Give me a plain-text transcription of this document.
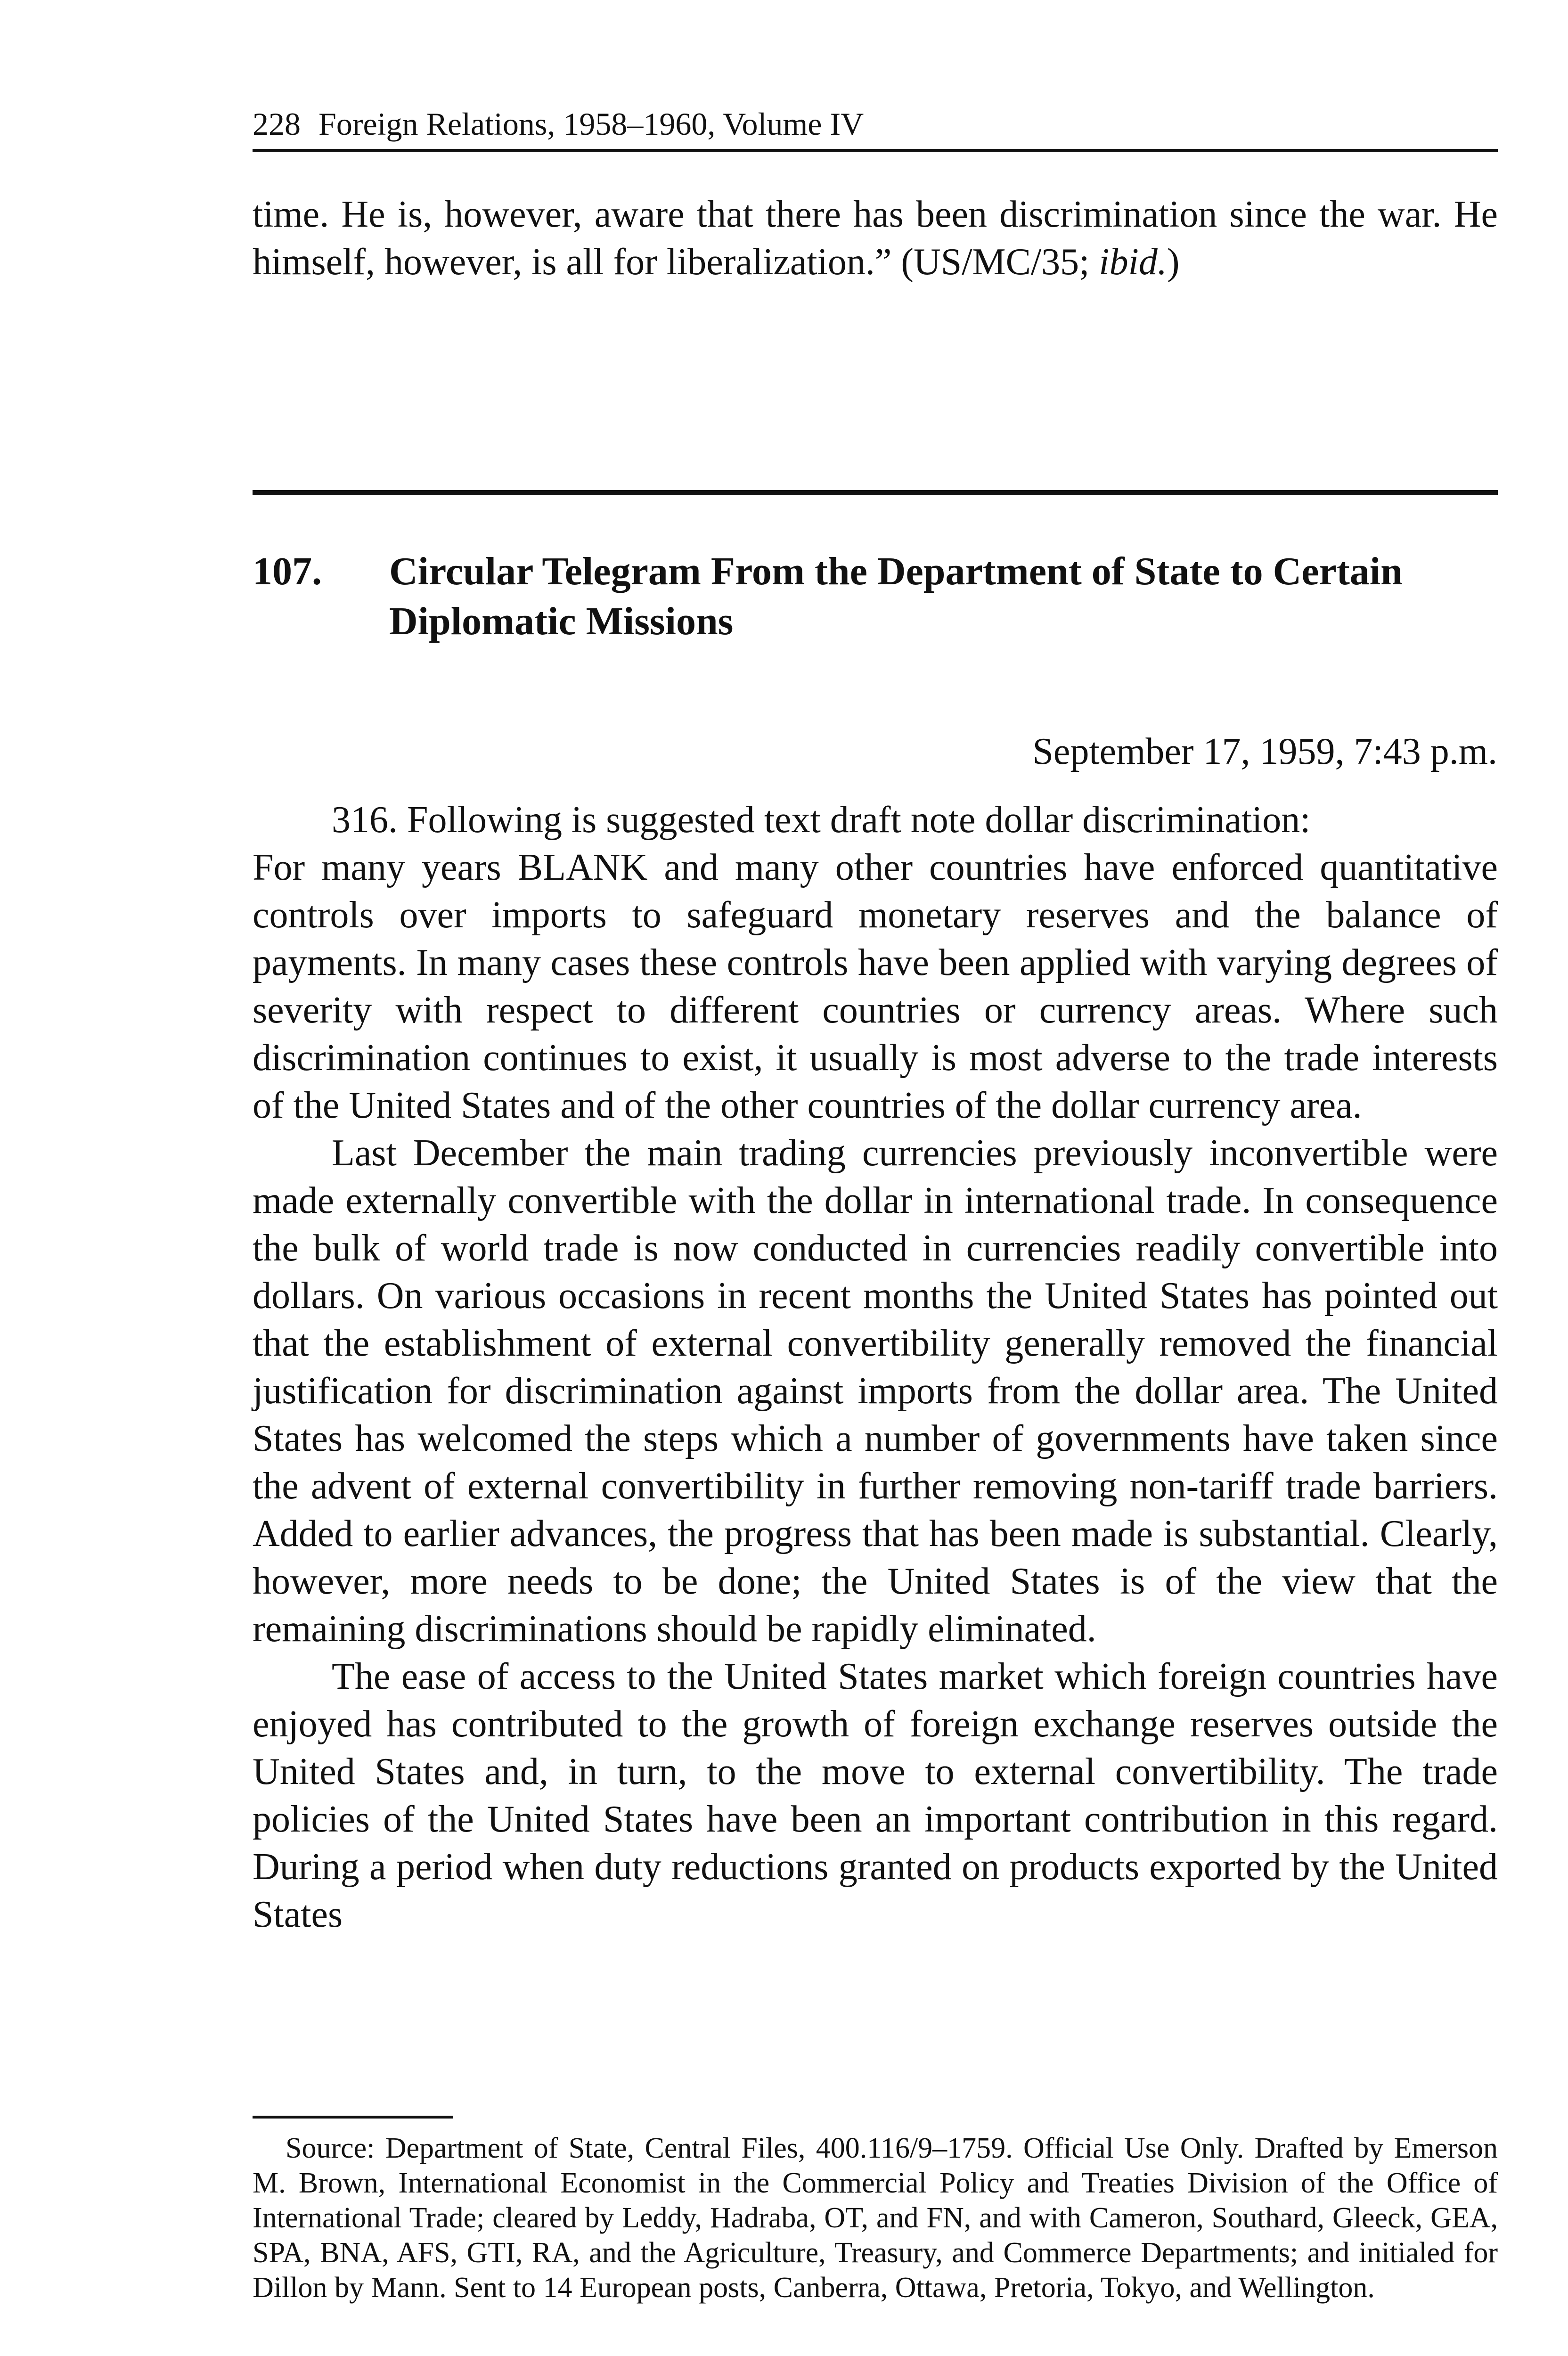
228 Foreign Relations, 1958–1960, Volume IV
time. He is, however, aware that there has been discrimination since the war. He himself, however, is all for liberalization.” (US/MC/35; ibid.)
107. Circular Telegram From the Department of State to Certain Diplomatic Missions
September 17, 1959, 7:43 p.m.

316. Following is suggested text draft note dollar discrimination:

For many years BLANK and many other countries have enforced quantitative controls over imports to safeguard monetary reserves and the balance of payments. In many cases these controls have been applied with varying degrees of severity with respect to different countries or currency areas. Where such discrimination continues to exist, it usually is most adverse to the trade interests of the United States and of the other countries of the dollar currency area.

Last December the main trading currencies previously inconvertible were made externally convertible with the dollar in international trade. In consequence the bulk of world trade is now conducted in currencies readily convertible into dollars. On various occasions in recent months the United States has pointed out that the establishment of external convertibility generally removed the financial justification for discrimination against imports from the dollar area. The United States has welcomed the steps which a number of governments have taken since the advent of external convertibility in further removing non-tariff trade barriers. Added to earlier advances, the progress that has been made is substantial. Clearly, however, more needs to be done; the United States is of the view that the remaining discriminations should be rapidly eliminated.

The ease of access to the United States market which foreign countries have enjoyed has contributed to the growth of foreign exchange reserves outside the United States and, in turn, to the move to external convertibility. The trade policies of the United States have been an important contribution in this regard. During a period when duty reductions granted on products exported by the United States

Source: Department of State, Central Files, 400.116/9–1759. Official Use Only. Drafted by Emerson M. Brown, International Economist in the Commercial Policy and Treaties Division of the Office of International Trade; cleared by Leddy, Hadraba, OT, and FN, and with Cameron, Southard, Gleeck, GEA, SPA, BNA, AFS, GTI, RA, and the Agriculture, Treasury, and Commerce Departments; and initialed for Dillon by Mann. Sent to 14 European posts, Canberra, Ottawa, Pretoria, Tokyo, and Wellington.
